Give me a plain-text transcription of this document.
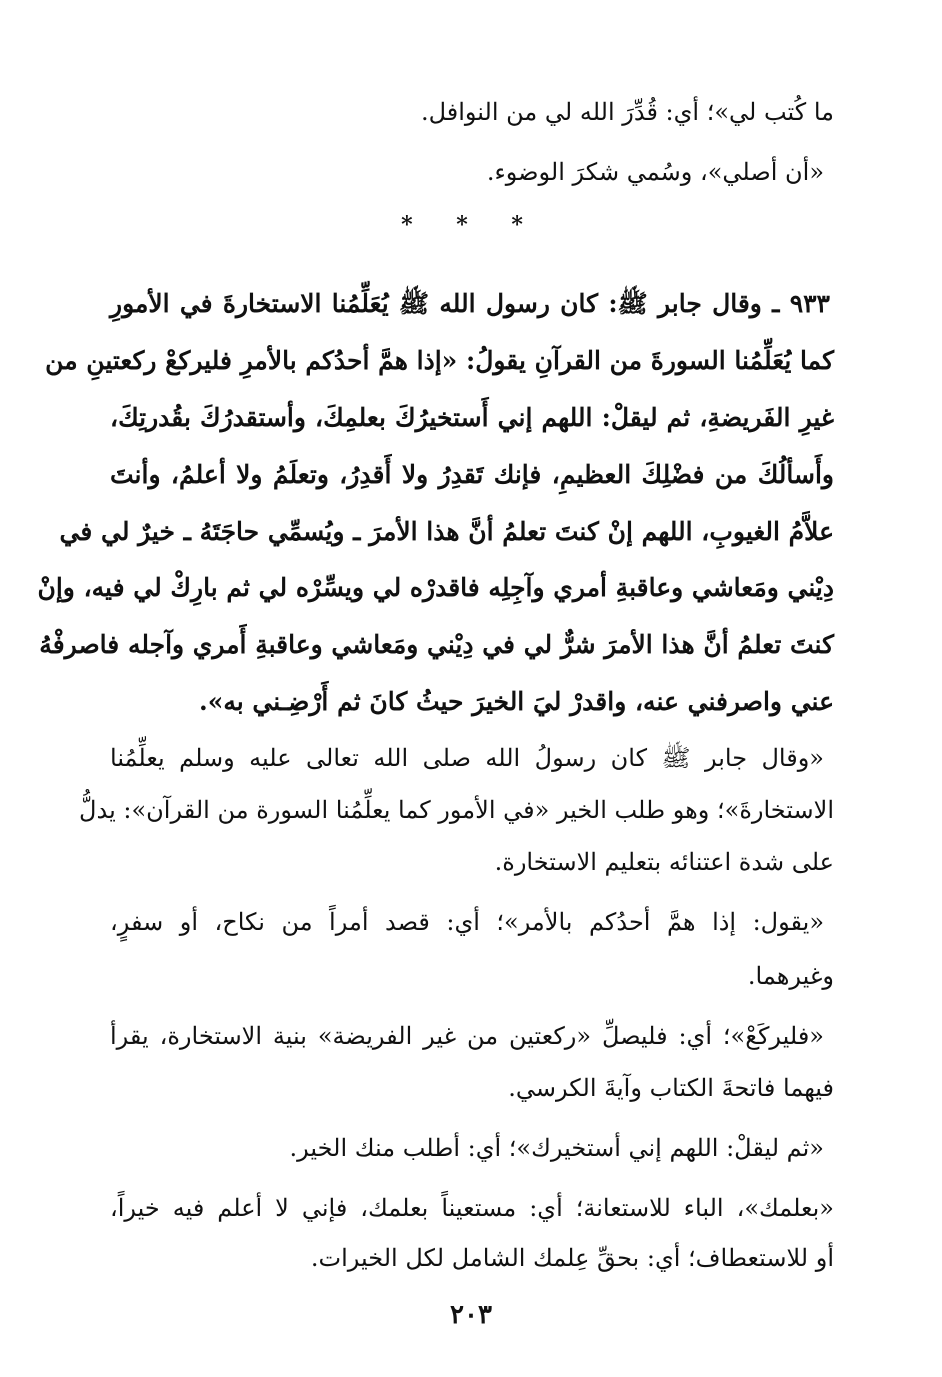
ما كُتب لي»؛ أي: قُدِّرَ الله لي من النوافل.
«أن أصلي»، وسُمي شكرَ الوضوء.
* * *
٩٣٣ ـ وقال جابر ﷺ: كان رسول الله ﷺ يُعَلِّمُنا الاستخارةَ في الأمورِ
كما يُعَلِّمُنا السورةَ من القرآنِ يقولُ: «إذا همَّ أحدُكم بالأمرِ فليركعْ ركعتينِ من
غيرِ الفَريضةِ، ثم ليقلْ: اللهم إني أَستخيرُكَ بعلمِكَ، وأستقدرُكَ بقُدرتِكَ،
وأَسألُكَ من فضْلِكَ العظيمِ، فإنك تَقدِرُ ولا أَقدِرُ، وتعلَمُ ولا أعلمُ، وأنتَ
علاَّمُ الغيوبِ، اللهم إنْ كنتَ تعلمُ أنَّ هذا الأمرَ ـ ويُسمِّي حاجَتَهُ ـ خيرٌ لي في
دِيْني ومَعاشي وعاقبةِ أمري وآجِلِه فاقدرْه لي ويسِّرْه لي ثم بارِكْ لي فيه، وإنْ
كنتَ تعلمُ أنَّ هذا الأمرَ شرٌّ لي في دِيْني ومَعاشي وعاقبةِ أَمري وآجله فاصرفْهُ
عني واصرفني عنه، واقدرْ ليَ الخيرَ حيثُ كانَ ثم أَرْضِـني به».
«وقال جابر ﷺ كان رسولُ الله صلى الله تعالى عليه وسلم يعلِّمُنا
الاستخارةَ»؛ وهو طلب الخير «في الأمور كما يعلِّمُنا السورة من القرآن»: يدلُّ
على شدة اعتنائه بتعليم الاستخارة.
«يقول: إذا همَّ أحدُكم بالأمر»؛ أي: قصد أمراً من نكاح، أو سفرٍ،
وغيرهما.
«فليركَعْ»؛ أي: فليصلِّ «ركعتين من غير الفريضة» بنية الاستخارة، يقرأ
فيهما فاتحةَ الكتاب وآيةَ الكرسي.
«ثم ليقلْ: اللهم إني أستخيرك»؛ أي: أطلب منك الخير.
«بعلمك»، الباء للاستعانة؛ أي: مستعيناً بعلمك، فإني لا أعلم فيه خيراً،
أو للاستعطاف؛ أي: بحقِّ عِلمك الشامل لكل الخيرات.
٢٠٣
